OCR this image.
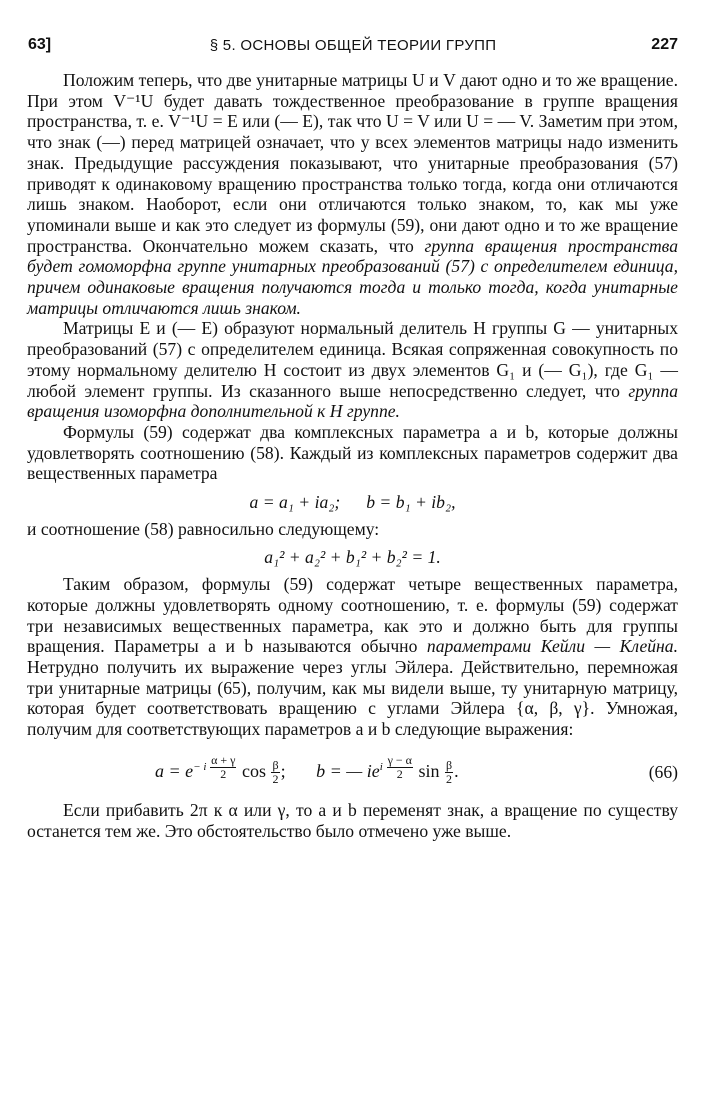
63]	§ 5. ОСНОВЫ ОБЩЕЙ ТЕОРИИ ГРУПП	227

Положим теперь, что две унитарные матрицы U и V дают одно и то же вращение. При этом V⁻¹U будет давать тождественное преобразование в группе вращения пространства, т. е. V⁻¹U = E или (— E), так что U = V или U = — V. Заметим при этом, что знак (—) перед матрицей означает, что у всех элементов матрицы надо изменить знак. Предыдущие рассуждения показывают, что унитарные преобразования (57) приводят к одинаковому вращению пространства только тогда, когда они отличаются лишь знаком. Наоборот, если они отличаются только знаком, то, как мы уже упоминали выше и как это следует из формулы (59), они дают одно и то же вращение пространства. Окончательно можем сказать, что группа вращения пространства будет гомоморфна группе унитарных преобразований (57) с определителем единица, причем одинаковые вращения получаются тогда и только тогда, когда унитарные матрицы отличаются лишь знаком.

Матрицы E и (— E) образуют нормальный делитель H группы G — унитарных преобразований (57) с определителем единица. Всякая сопряженная совокупность по этому нормальному делителю H состоит из двух элементов G₁ и (— G₁), где G₁ — любой элемент группы. Из сказанного выше непосредственно следует, что группа вращения изоморфна дополнительной к H группе.

Формулы (59) содержат два комплексных параметра a и b, которые должны удовлетворять соотношению (58). Каждый из комплексных параметров содержит два вещественных параметра

a = a₁ + ia₂; b = b₁ + ib₂,

и соотношение (58) равносильно следующему:

a₁² + a₂² + b₁² + b₂² = 1.

Таким образом, формулы (59) содержат четыре вещественных параметра, которые должны удовлетворять одному соотношению, т. е. формулы (59) содержат три независимых вещественных параметра, как это и должно быть для группы вращения. Параметры a и b называются обычно параметрами Кейли — Клейна. Нетрудно получить их выражение через углы Эйлера. Действительно, перемножая три унитарные матрицы (65), получим, как мы видели выше, ту унитарную матрицу, которая будет соответствовать вращению с углами Эйлера {α, β, γ}. Умножая, получим для соответствующих параметров a и b следующие выражения:

$a = e^{- i \frac{\alpha + \gamma}{2}}$ $\cos \frac{\beta}{2}$ ; b = — $ie^{i \frac{\gamma - \alpha}{2}}$ $\sin \frac{\beta}{2}$ .	(66)

Если прибавить 2π к α или γ, то a и b переменят знак, а вращение по существу останется тем же. Это обстоятельство было отмечено уже выше.
